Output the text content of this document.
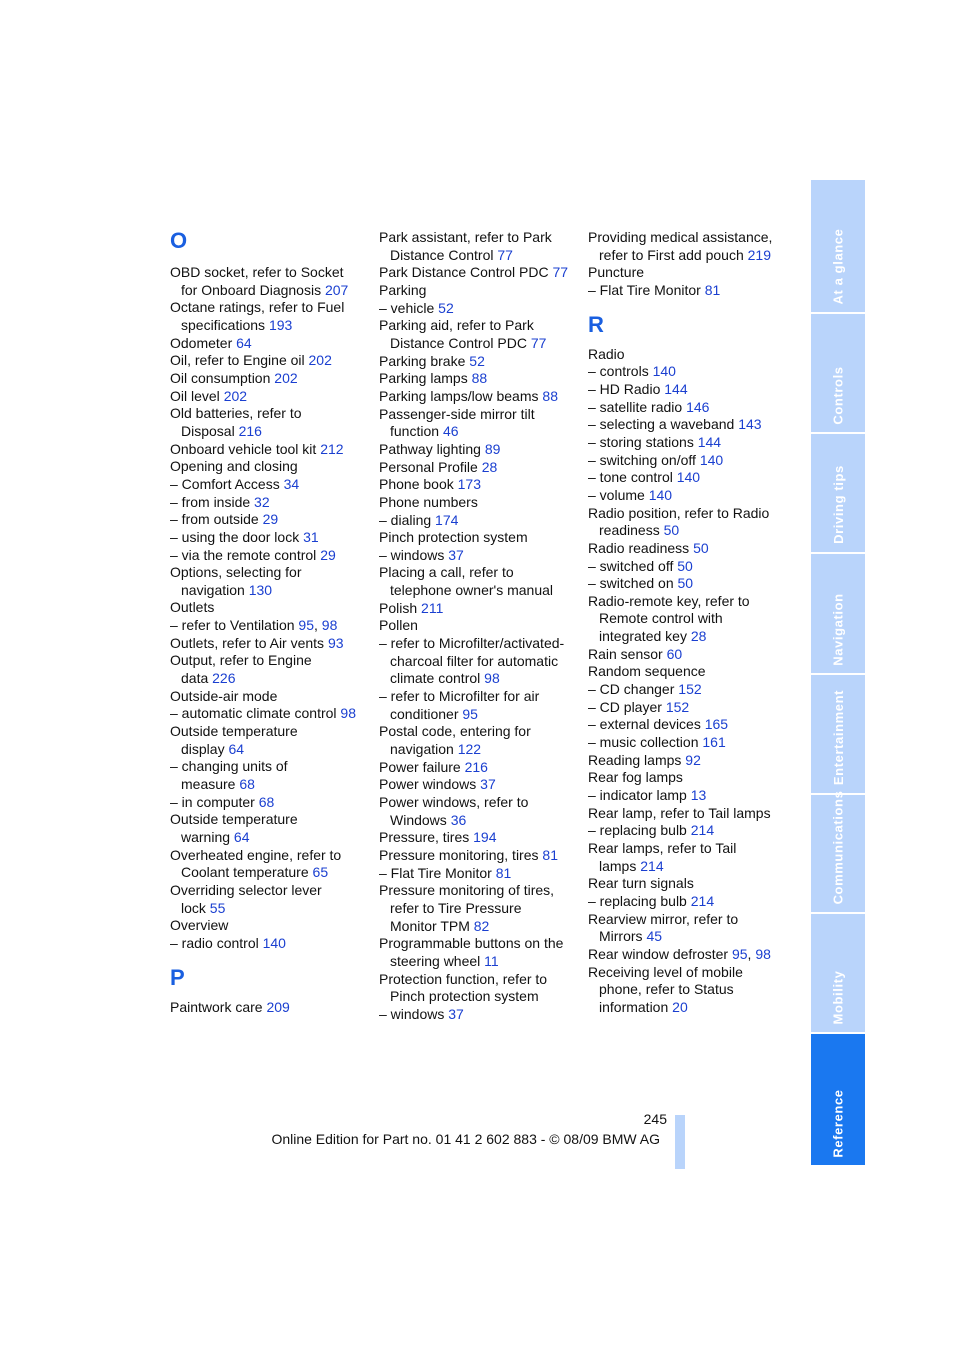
O
OBD socket, refer to Socket
for Onboard Diagnosis 207
Octane ratings, refer to Fuel
specifications 193
Odometer 64
Oil, refer to Engine oil 202
Oil consumption 202
Oil level 202
Old batteries, refer to
Disposal 216
Onboard vehicle tool kit 212
Opening and closing
– Comfort Access 34
– from inside 32
– from outside 29
– using the door lock 31
– via the remote control 29
Options, selecting for
navigation 130
Outlets
– refer to Ventilation 95, 98
Outlets, refer to Air vents 93
Output, refer to Engine
data 226
Outside-air mode
– automatic climate control 98
Outside temperature
display 64
– changing units of
measure 68
– in computer 68
Outside temperature
warning 64
Overheated engine, refer to
Coolant temperature 65
Overriding selector lever
lock 55
Overview
– radio control 140
P
Paintwork care 209
Park assistant, refer to Park
Distance Control 77
Park Distance Control PDC 77
Parking
– vehicle 52
Parking aid, refer to Park
Distance Control PDC 77
Parking brake 52
Parking lamps 88
Parking lamps/low beams 88
Passenger-side mirror tilt
function 46
Pathway lighting 89
Personal Profile 28
Phone book 173
Phone numbers
– dialing 174
Pinch protection system
– windows 37
Placing a call, refer to
telephone owner's manual
Polish 211
Pollen
– refer to Microfilter/activated-
charcoal filter for automatic
climate control 98
– refer to Microfilter for air
conditioner 95
Postal code, entering for
navigation 122
Power failure 216
Power windows 37
Power windows, refer to
Windows 36
Pressure, tires 194
Pressure monitoring, tires 81
– Flat Tire Monitor 81
Pressure monitoring of tires,
refer to Tire Pressure
Monitor TPM 82
Programmable buttons on the
steering wheel 11
Protection function, refer to
Pinch protection system
– windows 37
Providing medical assistance,
refer to First add pouch 219
Puncture
– Flat Tire Monitor 81
R
Radio
– controls 140
– HD Radio 144
– satellite radio 146
– selecting a waveband 143
– storing stations 144
– switching on/off 140
– tone control 140
– volume 140
Radio position, refer to Radio
readiness 50
Radio readiness 50
– switched off 50
– switched on 50
Radio-remote key, refer to
Remote control with
integrated key 28
Rain sensor 60
Random sequence
– CD changer 152
– CD player 152
– external devices 165
– music collection 161
Reading lamps 92
Rear fog lamps
– indicator lamp 13
Rear lamp, refer to Tail lamps
– replacing bulb 214
Rear lamps, refer to Tail
lamps 214
Rear turn signals
– replacing bulb 214
Rearview mirror, refer to
Mirrors 45
Rear window defroster 95, 98
Receiving level of mobile
phone, refer to Status
information 20
At a glance
Controls
Driving tips
Navigation
Entertainment
Communications
Mobility
Reference
245
Online Edition for Part no. 01 41 2 602 883 - © 08/09 BMW AG
